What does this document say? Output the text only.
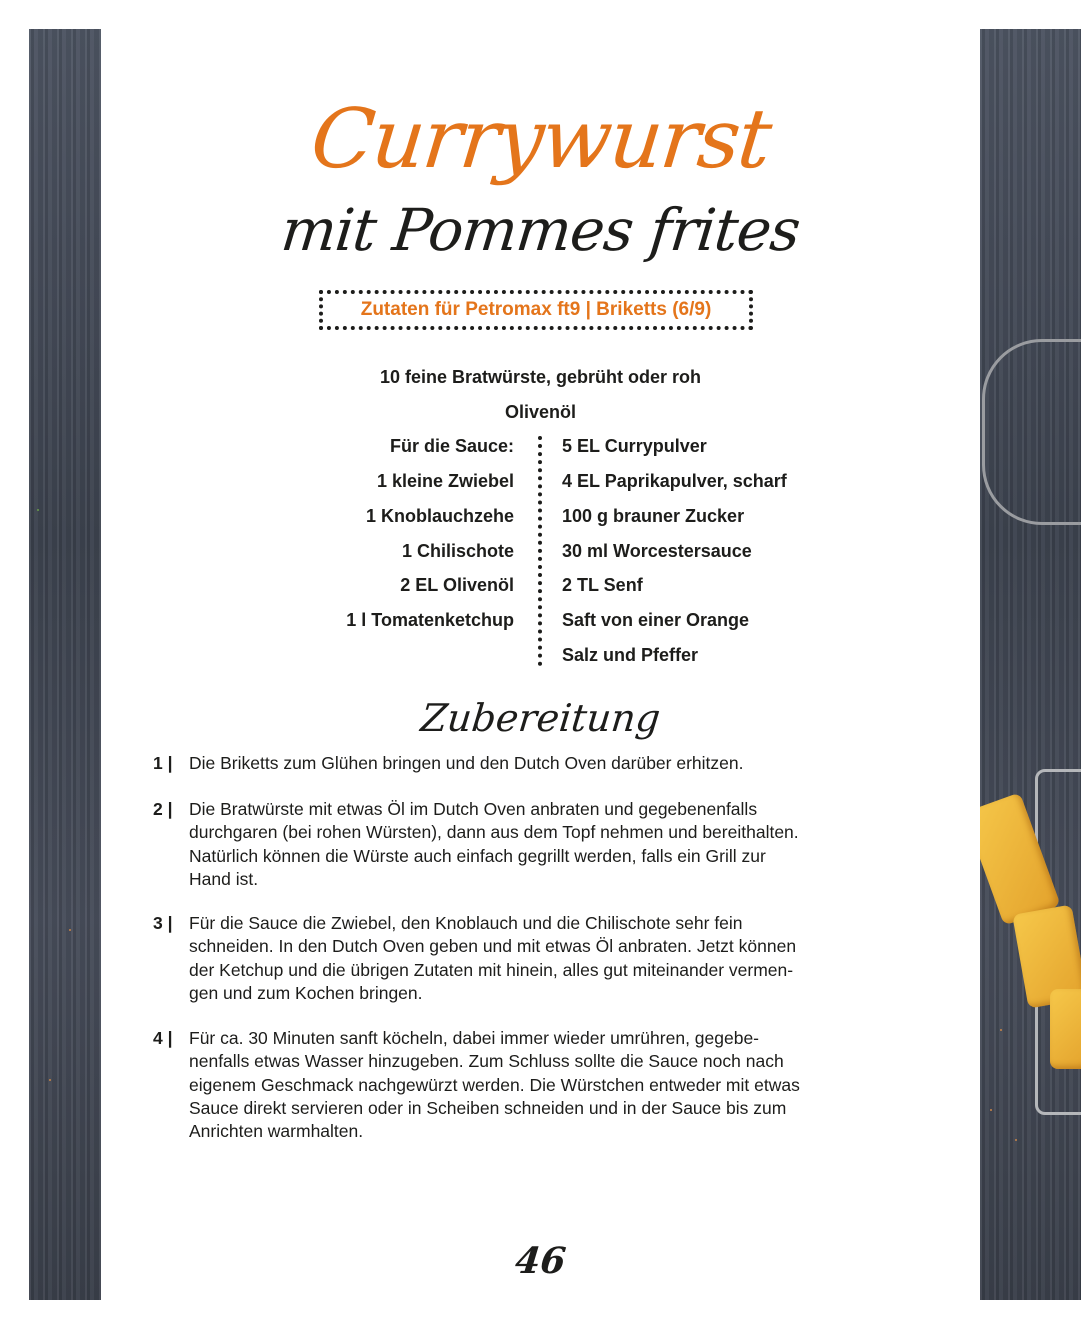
Currywurst
mit Pommes frites
Zutaten für Petromax ft9 | Briketts (6/9)
10 feine Bratwürste, gebrüht oder roh
Olivenöl
Für die Sauce:
1 kleine Zwiebel
1 Knoblauchzehe
1 Chilischote
2 EL Olivenöl
1 l Tomatenketchup
5 EL Currypulver
4 EL Paprikapulver, scharf
100 g brauner Zucker
30 ml Worcestersauce
2 TL Senf
Saft von einer Orange
Salz und Pfeffer
Zubereitung
1 | Die Briketts zum Glühen bringen und den Dutch Oven darüber erhitzen.
2 | Die Bratwürste mit etwas Öl im Dutch Oven anbraten und gegebenenfalls
durchgaren (bei rohen Würsten), dann aus dem Topf nehmen und bereithalten.
Natürlich können die Würste auch einfach gegrillt werden, falls ein Grill zur
Hand ist.
3 | Für die Sauce die Zwiebel, den Knoblauch und die Chilischote sehr fein
schneiden. In den Dutch Oven geben und mit etwas Öl anbraten. Jetzt können
der Ketchup und die übrigen Zutaten mit hinein, alles gut miteinander vermen-
gen und zum Kochen bringen.
4 | Für ca. 30 Minuten sanft köcheln, dabei immer wieder umrühren, gegebe-
nenfalls etwas Wasser hinzugeben. Zum Schluss sollte die Sauce noch nach
eigenem Geschmack nachgewürzt werden. Die Würstchen entweder mit etwas
Sauce direkt servieren oder in Scheiben schneiden und in der Sauce bis zum
Anrichten warmhalten.
46
